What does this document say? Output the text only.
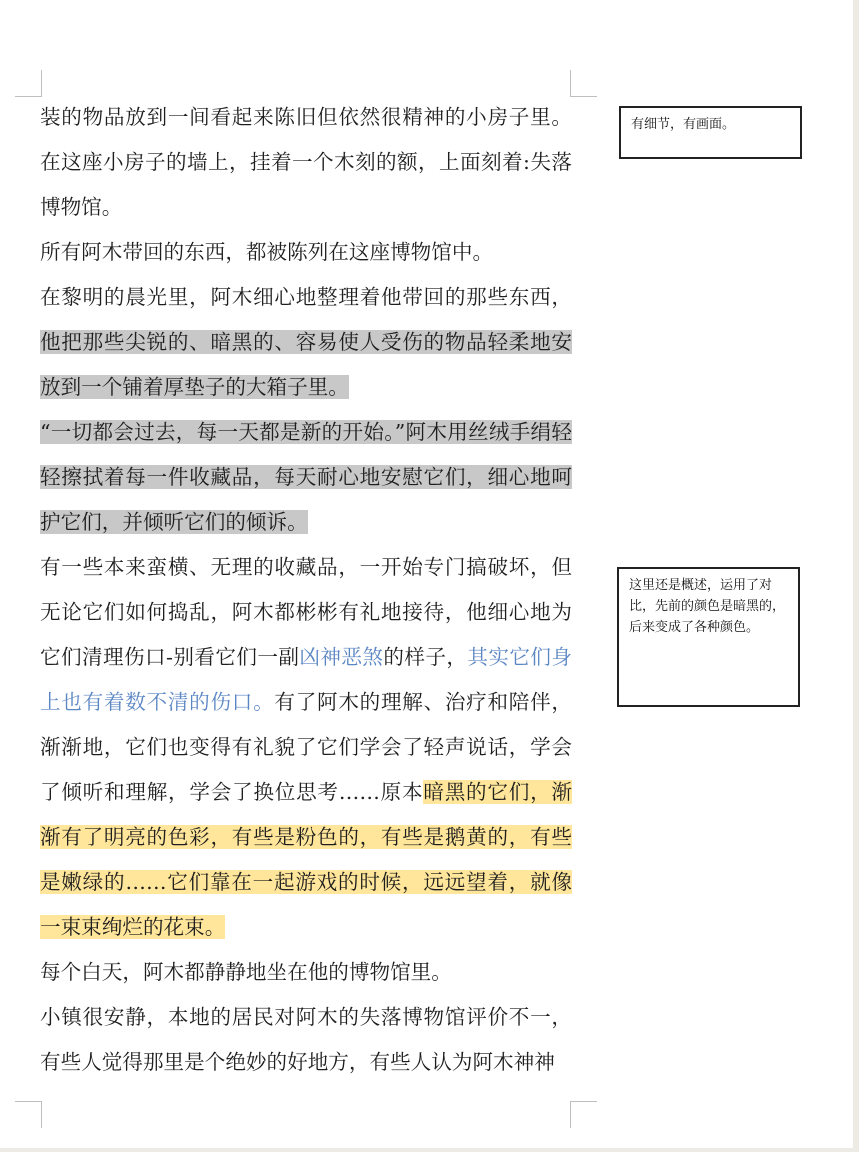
装的物品放到一间看起来陈旧但依然很精神的小房子里。在这座小房子的墙上，挂着一个木刻的额，上面刻着:失落博物馆。

所有阿木带回的东西，都被陈列在这座博物馆中。

在黎明的晨光里，阿木细心地整理着他带回的那些东西，他把那些尖锐的、暗黑的、容易使人受伤的物品轻柔地安放到一个铺着厚垫子的大箱子里。

“一切都会过去，每一天都是新的开始。”阿木用丝绒手绢轻轻擦拭着每一件收藏品，每天耐心地安慰它们，细心地呵护它们，并倾听它们的倾诉。

有一些本来蛮横、无理的收藏品，一开始专门搞破坏，但无论它们如何捣乱，阿木都彬彬有礼地接待，他细心地为它们清理伤口-别看它们一副凶神恶煞的样子，其实它们身上也有着数不清的伤口。有了阿木的理解、治疗和陪伴，渐渐地，它们也变得有礼貌了它们学会了轻声说话，学会了倾听和理解，学会了换位思考……原本暗黑的它们，渐渐有了明亮的色彩，有些是粉色的，有些是鹅黄的，有些是嫩绿的……它们靠在一起游戏的时候，远远望着，就像一束束绚烂的花束。

每个白天，阿木都静静地坐在他的博物馆里。

小镇很安静，本地的居民对阿木的失落博物馆评价不一，有些人觉得那里是个绝妙的好地方，有些人认为阿木神神

有细节，有画面。
这里还是概述，运用了对比，先前的颜色是暗黑的，后来变成了各种颜色。
